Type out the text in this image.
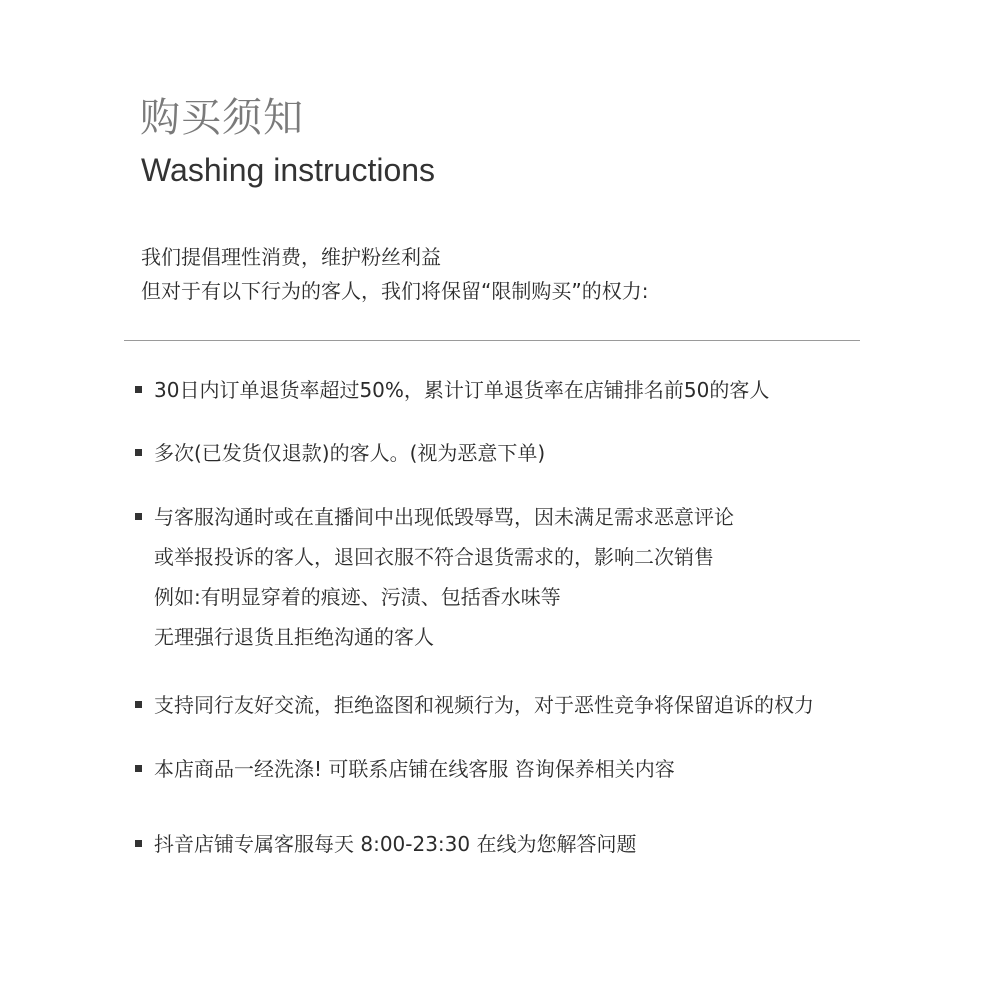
购买须知
Washing instructions
我们提倡理性消费，维护粉丝利益
但对于有以下行为的客人，我们将保留“限制购买”的权力:
30日内订单退货率超过50%，累计订单退货率在店铺排名前50的客人
多次(已发货仅退款)的客人。(视为恶意下单)
与客服沟通时或在直播间中出现低毁辱骂，因未满足需求恶意评论
或举报投诉的客人，退回衣服不符合退货需求的，影响二次销售
例如:有明显穿着的痕迹、污渍、包括香水味等
无理强行退货且拒绝沟通的客人
支持同行友好交流，拒绝盗图和视频行为，对于恶性竞争将保留追诉的权力
本店商品一经洗涤! 可联系店铺在线客服 咨询保养相关内容
抖音店铺专属客服每天 8:00-23:30 在线为您解答问题
